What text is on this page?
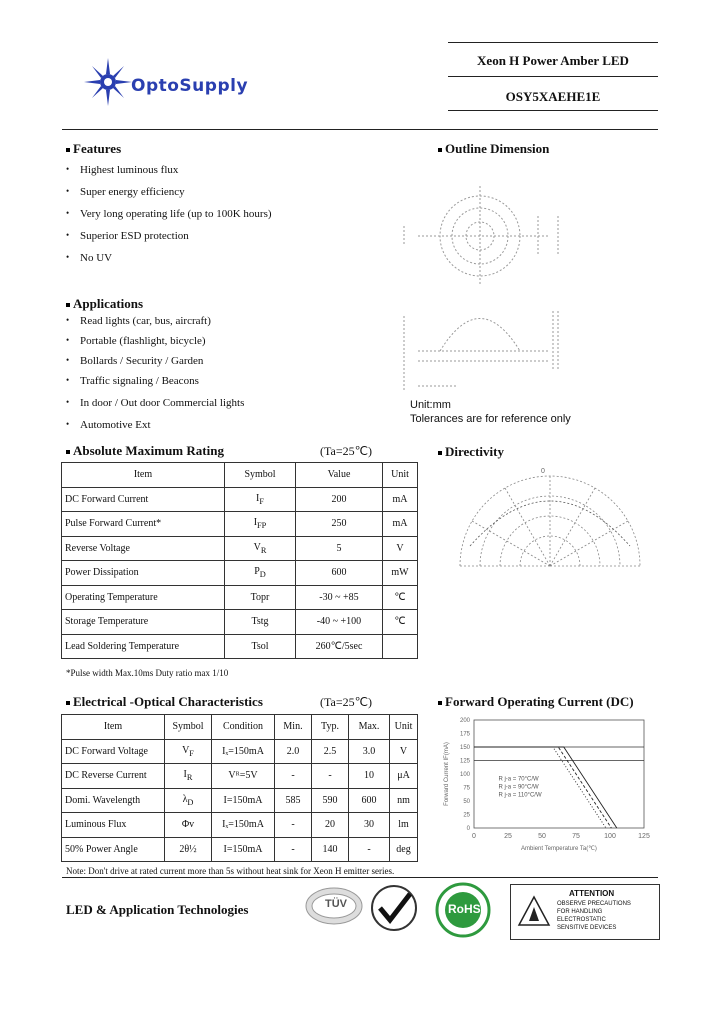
OptoSupply
Xeon H Power Amber LED
OSY5XAEHE1E
Features
• Highest luminous flux
• Super energy efficiency
• Very long operating life (up to 100K hours)
• Superior ESD protection
• No UV
Applications
• Read lights (car, bus, aircraft)
• Portable (flashlight, bicycle)
• Bollards / Security / Garden
• Traffic signaling / Beacons
• In door / Out door Commercial lights
• Automotive Ext
Outline Dimension
Unit:mm
Tolerances are for reference only
Absolute Maximum Rating	(Ta=25℃)
Item	Symbol	Value	Unit
DC Forward Current	$I_F$	200	mA
Pulse Forward Current*	$I_{FP}$	250	mA
Reverse Voltage	$V_R$	5	V
Power Dissipation	$P_D$	600	mW
Operating Temperature	Topr	-30 ~ +85	℃
Storage Temperature	Tstg	-40 ~ +100	℃
Lead Soldering Temperature	Tsol	260℃/5sec	
*Pulse width Max.10ms Duty ratio max 1/10
Directivity
0
Electrical -Optical Characteristics	(Ta=25℃)
Item	Symbol	Condition	Min.	Typ.	Max.	Unit
DC Forward Voltage	$V_F$	Iₓ=150mA	2.0	2.5	3.0	V
DC Reverse Current	$I_R$	Vᴿ=5V	-	-	10	μA
Domi. Wavelength	$\lambda_D$	I=150mA	585	590	600	nm
Luminous Flux	Φv	Iₓ=150mA	-	20	30	lm
50% Power Angle	2θ½	I=150mA	-	140	-	deg
Note: Don't drive at rated current more than 5s without heat sink for Xeon H emitter series.
Forward Operating Current (DC)
0
25
50
75
100
125
150
175
200
0	25	50	75	100	125
R j-a = 70°C/W
R j-a = 90°C/W
R j-a = 110°C/W
Ambient Temperature Ta(℃)
Forward Current IF(mA)
LED & Application Technologies	TÜV	RoHS
ATTENTION
OBSERVE PRECAUTIONS
FOR HANDLING
ELECTROSTATIC
SENSITIVE DEVICES
